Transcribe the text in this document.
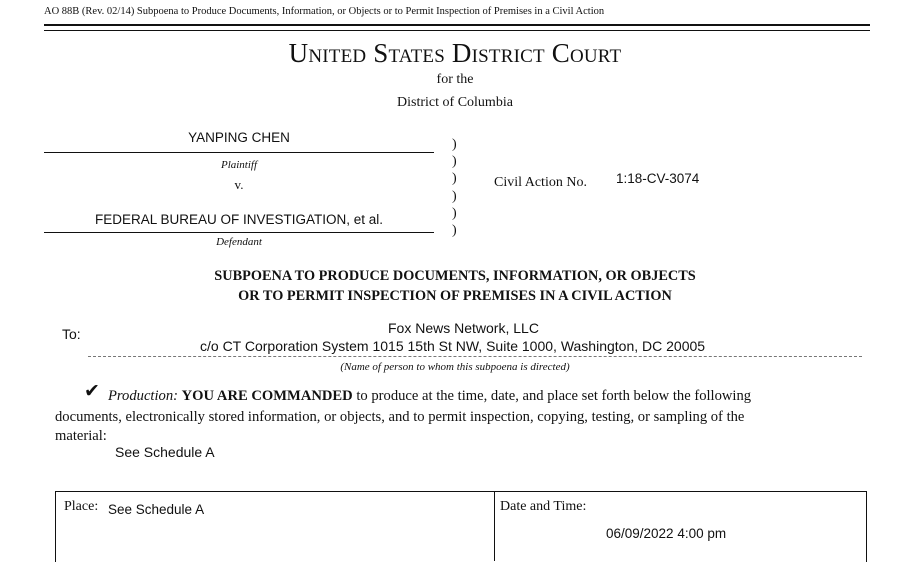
AO 88B (Rev. 02/14) Subpoena to Produce Documents, Information, or Objects or to Permit Inspection of Premises in a Civil Action
United States District Court
for the
District of Columbia
YANPING CHEN
Plaintiff
v.
FEDERAL BUREAU OF INVESTIGATION, et al.
Defendant
)
)
)
)
)
)
Civil Action No. 1:18-CV-3074
SUBPOENA TO PRODUCE DOCUMENTS, INFORMATION, OR OBJECTS
OR TO PERMIT INSPECTION OF PREMISES IN A CIVIL ACTION
To:	Fox News Network, LLC
c/o CT Corporation System 1015 15th St NW, Suite 1000, Washington, DC 20005
(Name of person to whom this subpoena is directed)
✔ Production: YOU ARE COMMANDED to produce at the time, date, and place set forth below the following
documents, electronically stored information, or objects, and to permit inspection, copying, testing, or sampling of the
material:
See Schedule A
Place: See Schedule A	Date and Time:
06/09/2022 4:00 pm
